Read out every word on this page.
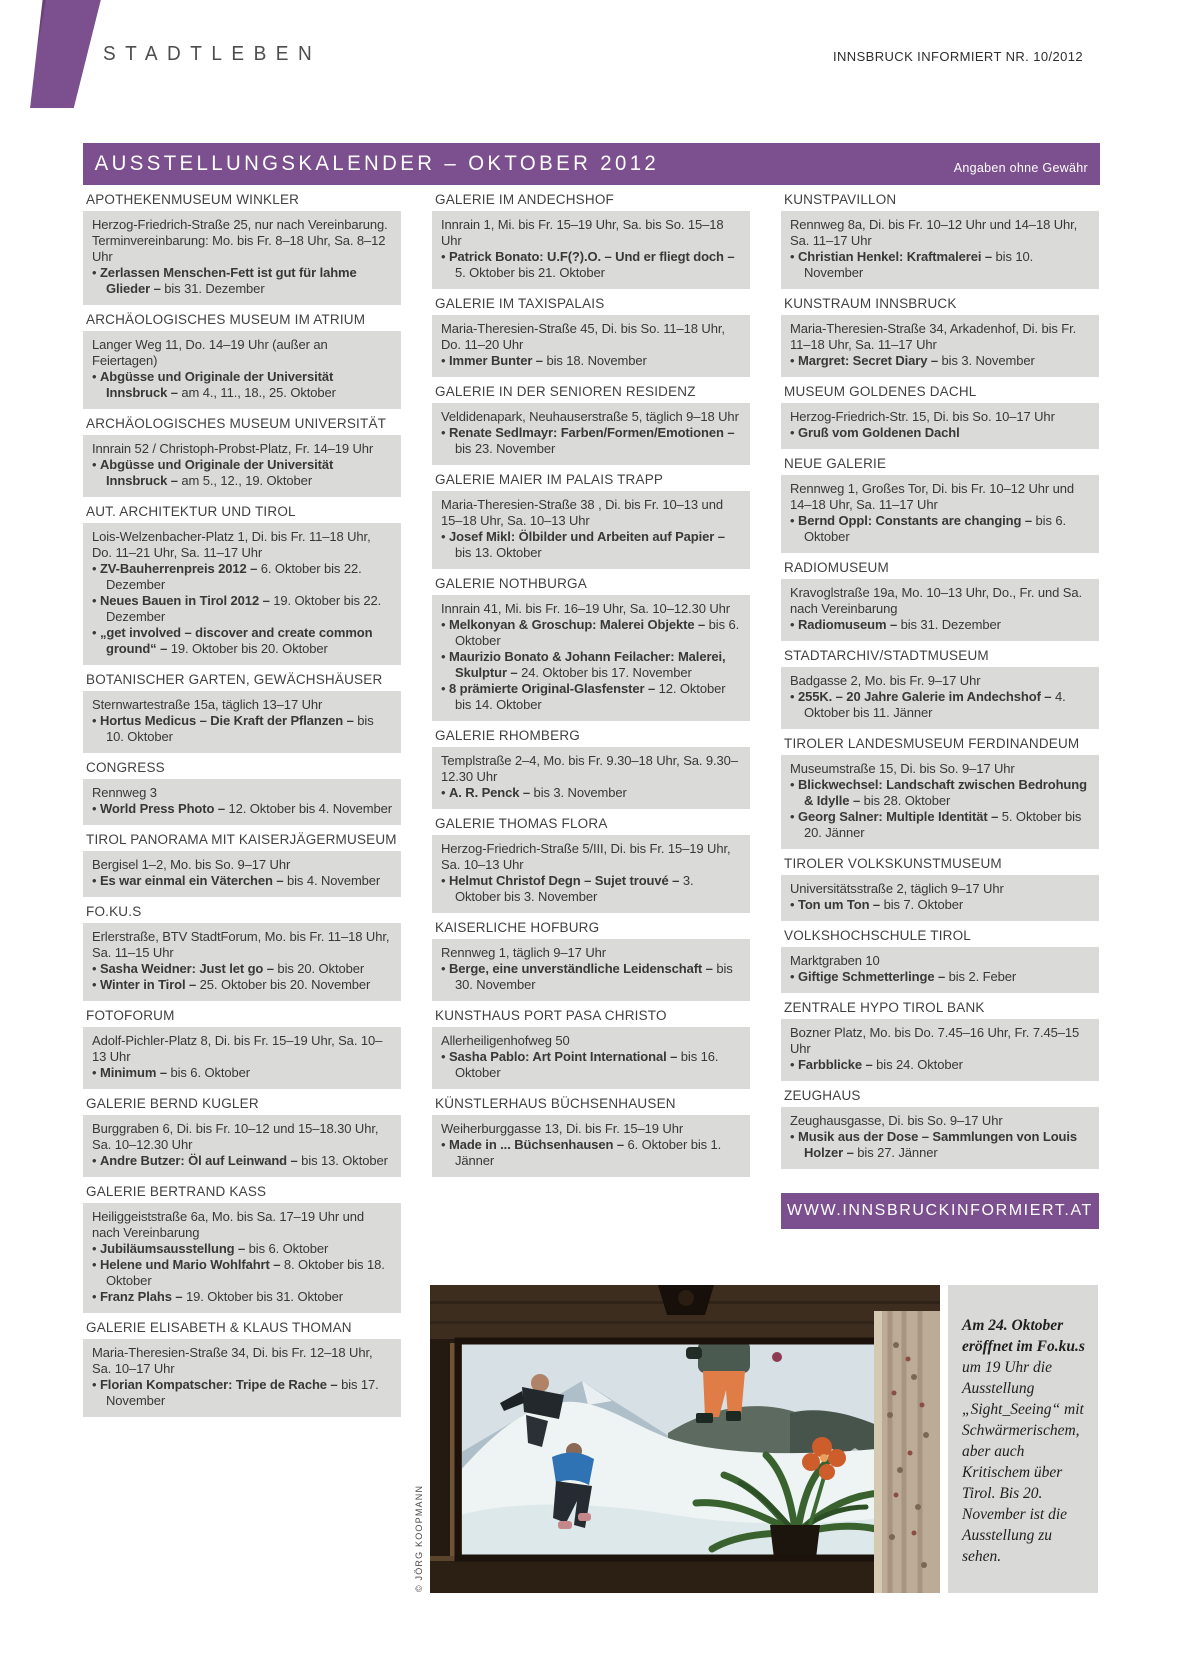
34	STADTLEBEN	INNSBRUCK INFORMIERT NR. 10/2012
AUSSTELLUNGSKALENDER – OKTOBER 2012	Angaben ohne Gewähr
APOTHEKENMUSEUM WINKLER
Herzog-Friedrich-Straße 25, nur nach Vereinbarung. Terminvereinbarung: Mo. bis Fr. 8–18 Uhr, Sa. 8–12 Uhr
• Zerlassen Menschen-Fett ist gut für lahme Glieder – bis 31. Dezember
ARCHÄOLOGISCHES MUSEUM IM ATRIUM
Langer Weg 11, Do. 14–19 Uhr (außer an Feiertagen)
• Abgüsse und Originale der Universität Innsbruck – am 4., 11., 18., 25. Oktober
ARCHÄOLOGISCHES MUSEUM UNIVERSITÄT
Innrain 52 / Christoph-Probst-Platz, Fr. 14–19 Uhr
• Abgüsse und Originale der Universität Innsbruck – am 5., 12., 19. Oktober
AUT. ARCHITEKTUR UND TIROL
Lois-Welzenbacher-Platz 1, Di. bis Fr. 11–18 Uhr, Do. 11–21 Uhr, Sa. 11–17 Uhr
• ZV-Bauherrenpreis 2012 – 6. Oktober bis 22. Dezember
• Neues Bauen in Tirol 2012 – 19. Oktober bis 22. Dezember
• „get involved – discover and create common ground“ – 19. Oktober bis 20. Oktober
BOTANISCHER GARTEN, GEWÄCHSHÄUSER
Sternwartestraße 15a, täglich 13–17 Uhr
• Hortus Medicus – Die Kraft der Pflanzen – bis 10. Oktober
CONGRESS
Rennweg 3
• World Press Photo – 12. Oktober bis 4. November
TIROL PANORAMA MIT KAISERJÄGERMUSEUM
Bergisel 1–2, Mo. bis So. 9–17 Uhr
• Es war einmal ein Väterchen – bis 4. November
FO.KU.S
Erlerstraße, BTV StadtForum, Mo. bis Fr. 11–18 Uhr, Sa. 11–15 Uhr
• Sasha Weidner: Just let go – bis 20. Oktober
• Winter in Tirol – 25. Oktober bis 20. November
FOTOFORUM
Adolf-Pichler-Platz 8, Di. bis Fr. 15–19 Uhr, Sa. 10–13 Uhr
• Minimum – bis 6. Oktober
GALERIE BERND KUGLER
Burggraben 6, Di. bis Fr. 10–12 und 15–18.30 Uhr, Sa. 10–12.30 Uhr
• Andre Butzer: Öl auf Leinwand – bis 13. Oktober
GALERIE BERTRAND KASS
Heiliggeiststraße 6a, Mo. bis Sa. 17–19 Uhr und nach Vereinbarung
• Jubiläumsausstellung – bis 6. Oktober
• Helene und Mario Wohlfahrt – 8. Oktober bis 18. Oktober
• Franz Plahs – 19. Oktober bis 31. Oktober
GALERIE ELISABETH & KLAUS THOMAN
Maria-Theresien-Straße 34, Di. bis Fr. 12–18 Uhr, Sa. 10–17 Uhr
• Florian Kompatscher: Tripe de Rache – bis 17. November
GALERIE IM ANDECHSHOF
Innrain 1, Mi. bis Fr. 15–19 Uhr, Sa. bis So. 15–18 Uhr
• Patrick Bonato: U.F(?).O. – Und er fliegt doch – 5. Oktober bis 21. Oktober
GALERIE IM TAXISPALAIS
Maria-Theresien-Straße 45, Di. bis So. 11–18 Uhr, Do. 11–20 Uhr
• Immer Bunter – bis 18. November
GALERIE IN DER SENIOREN RESIDENZ
Veldidenapark, Neuhauserstraße 5, täglich 9–18 Uhr
• Renate Sedlmayr: Farben/Formen/Emotionen – bis 23. November
GALERIE MAIER IM PALAIS TRAPP
Maria-Theresien-Straße 38 , Di. bis Fr. 10–13 und 15–18 Uhr, Sa. 10–13 Uhr
• Josef Mikl: Ölbilder und Arbeiten auf Papier – bis 13. Oktober
GALERIE NOTHBURGA
Innrain 41, Mi. bis Fr. 16–19 Uhr, Sa. 10–12.30 Uhr
• Melkonyan & Groschup: Malerei Objekte – bis 6. Oktober
• Maurizio Bonato & Johann Feilacher: Malerei, Skulptur – 24. Oktober bis 17. November
• 8 prämierte Original-Glasfenster – 12. Oktober bis 14. Oktober
GALERIE RHOMBERG
Templstraße 2–4, Mo. bis Fr. 9.30–18 Uhr, Sa. 9.30–12.30 Uhr
• A. R. Penck – bis 3. November
GALERIE THOMAS FLORA
Herzog-Friedrich-Straße 5/III, Di. bis Fr. 15–19 Uhr, Sa. 10–13 Uhr
• Helmut Christof Degn – Sujet trouvé – 3. Oktober bis 3. November
KAISERLICHE HOFBURG
Rennweg 1, täglich 9–17 Uhr
• Berge, eine unverständliche Leidenschaft – bis 30. November
KUNSTHAUS PORT PASA CHRISTO
Allerheiligenhofweg 50
• Sasha Pablo: Art Point International – bis 16. Oktober
KÜNSTLERHAUS BÜCHSENHAUSEN
Weiherburggasse 13, Di. bis Fr. 15–19 Uhr
• Made in ... Büchsenhausen – 6. Oktober bis 1. Jänner
KUNSTPAVILLON
Rennweg 8a, Di. bis Fr. 10–12 Uhr und 14–18 Uhr, Sa. 11–17 Uhr
• Christian Henkel: Kraftmalerei – bis 10. November
KUNSTRAUM INNSBRUCK
Maria-Theresien-Straße 34, Arkadenhof, Di. bis Fr. 11–18 Uhr, Sa. 11–17 Uhr
• Margret: Secret Diary – bis 3. November
MUSEUM GOLDENES DACHL
Herzog-Friedrich-Str. 15, Di. bis So. 10–17 Uhr
• Gruß vom Goldenen Dachl
NEUE GALERIE
Rennweg 1, Großes Tor, Di. bis Fr. 10–12 Uhr und 14–18 Uhr, Sa. 11–17 Uhr
• Bernd Oppl: Constants are changing – bis 6. Oktober
RADIOMUSEUM
Kravoglstraße 19a, Mo. 10–13 Uhr, Do., Fr. und Sa. nach Vereinbarung
• Radiomuseum – bis 31. Dezember
STADTARCHIV/STADTMUSEUM
Badgasse 2, Mo. bis Fr. 9–17 Uhr
• 255K. – 20 Jahre Galerie im Andechshof – 4. Oktober bis 11. Jänner
TIROLER LANDESMUSEUM FERDINANDEUM
Museumstraße 15, Di. bis So. 9–17 Uhr
• Blickwechsel: Landschaft zwischen Bedrohung & Idylle – bis 28. Oktober
• Georg Salner: Multiple Identität – 5. Oktober bis 20. Jänner
TIROLER VOLKSKUNSTMUSEUM
Universitätsstraße 2, täglich 9–17 Uhr
• Ton um Ton – bis 7. Oktober
VOLKSHOCHSCHULE TIROL
Marktgraben 10
• Giftige Schmetterlinge – bis 2. Feber
ZENTRALE HYPO TIROL BANK
Bozner Platz, Mo. bis Do. 7.45–16 Uhr, Fr. 7.45–15 Uhr
• Farbblicke – bis 24. Oktober
ZEUGHAUS
Zeughausgasse, Di. bis So. 9–17 Uhr
• Musik aus der Dose – Sammlungen von Louis Holzer – bis 27. Jänner
WWW.INNSBRUCKINFORMIERT.AT
© JÖRG KOOPMANN
Am 24. Oktober eröffnet im Fo.ku.s um 19 Uhr die Ausstellung „Sight_Seeing“ mit Schwärmerischem, aber auch Kritischem über Tirol. Bis 20. November ist die Ausstellung zu sehen.
